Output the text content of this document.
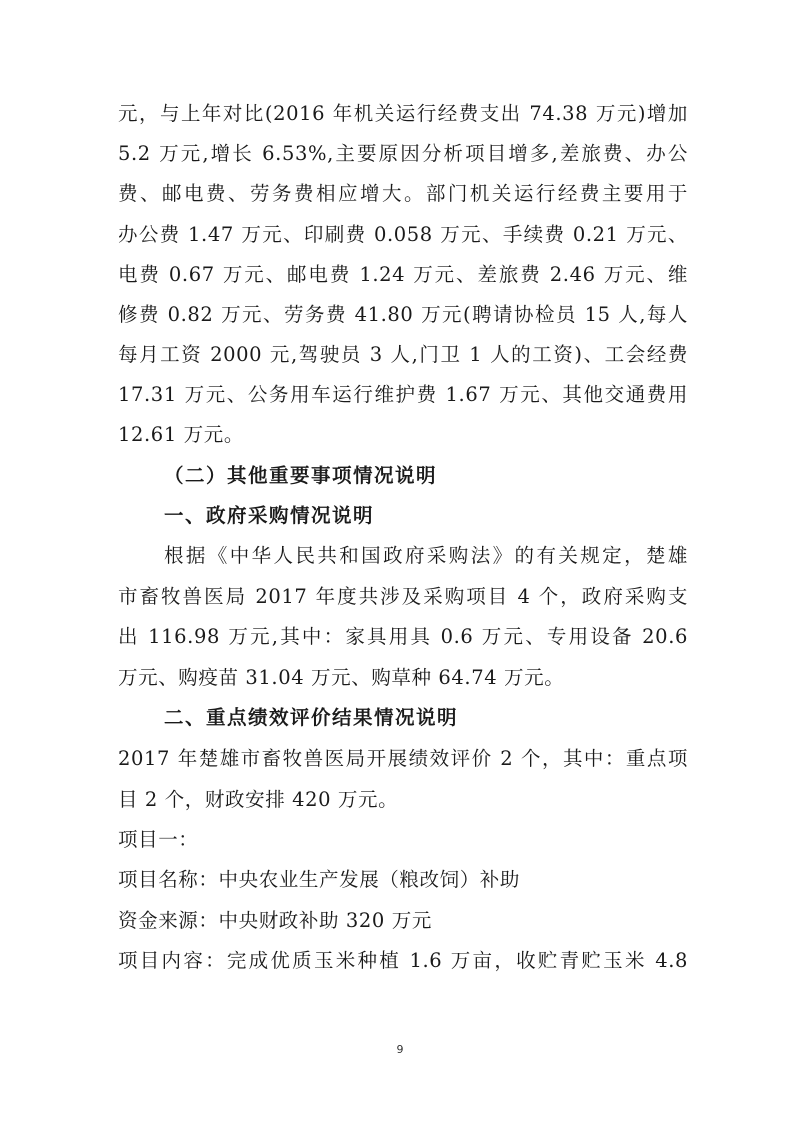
元，与上年对比(2016 年机关运行经费支出 74.38 万元)增加
5.2 万元,增长 6.53%,主要原因分析项目增多,差旅费、办公
费、邮电费、劳务费相应增大。部门机关运行经费主要用于
办公费 1.47 万元、印刷费 0.058 万元、手续费 0.21 万元、
电费 0.67 万元、邮电费 1.24 万元、差旅费 2.46 万元、维
修费 0.82 万元、劳务费 41.80 万元(聘请协检员 15 人,每人
每月工资 2000 元,驾驶员 3 人,门卫 1 人的工资)、工会经费
17.31 万元、公务用车运行维护费 1.67 万元、其他交通费用
12.61 万元。
（二）其他重要事项情况说明
一、政府采购情况说明
根据《中华人民共和国政府采购法》的有关规定，楚雄
市畜牧兽医局 2017 年度共涉及采购项目 4 个，政府采购支
出 116.98 万元,其中：家具用具 0.6 万元、专用设备 20.6
万元、购疫苗 31.04 万元、购草种 64.74 万元。
二、重点绩效评价结果情况说明
2017 年楚雄市畜牧兽医局开展绩效评价 2 个，其中：重点项
目 2 个，财政安排 420 万元。
项目一：
项目名称：中央农业生产发展（粮改饲）补助
9
资金来源：中央财政补助 320 万元
项目内容：完成优质玉米种植 1.6 万亩，收贮青贮玉米 4.8
